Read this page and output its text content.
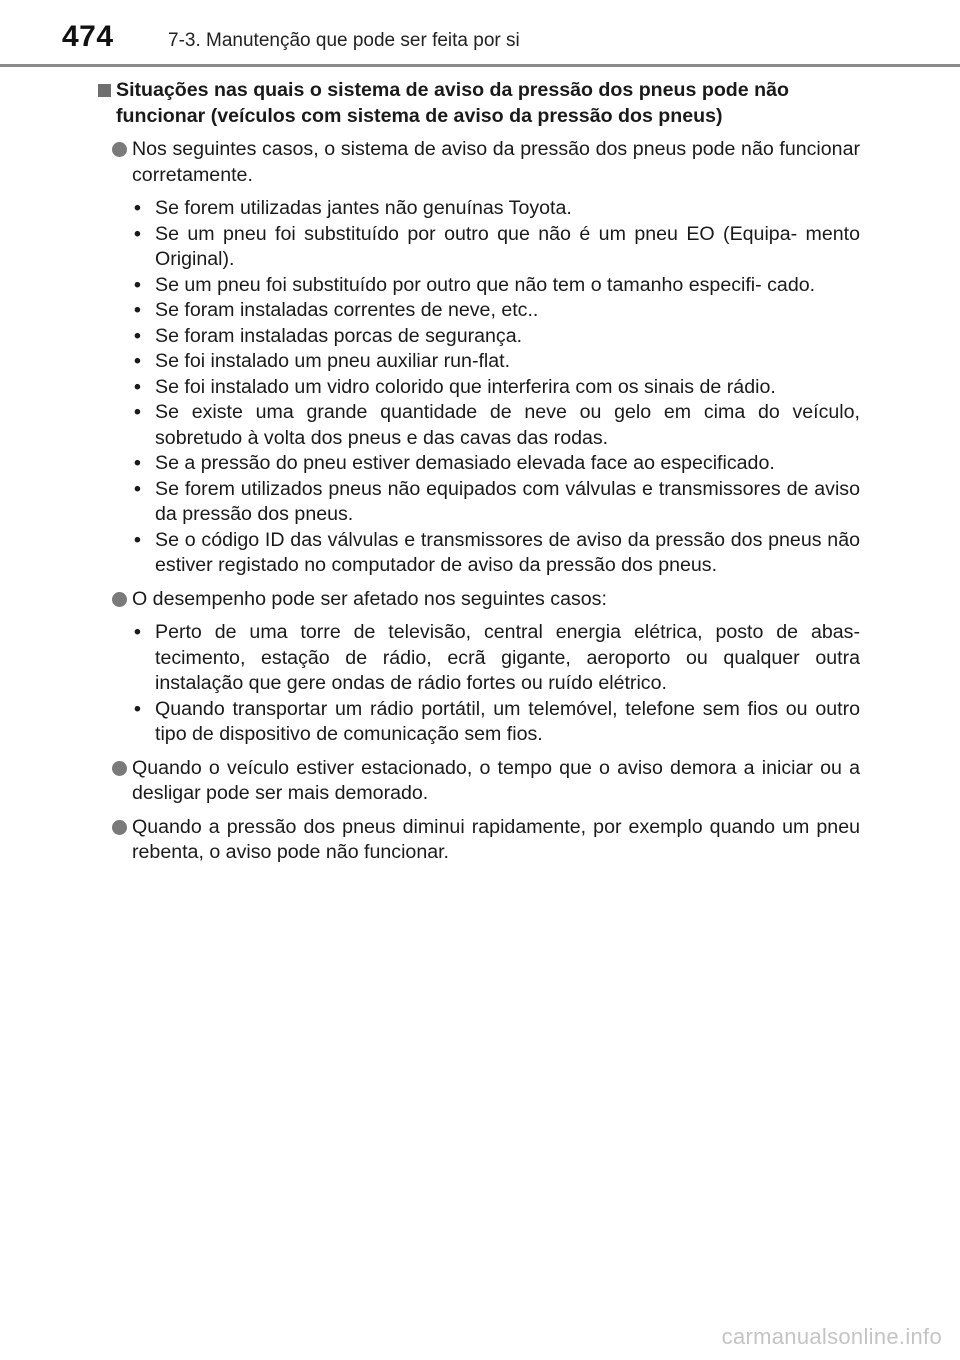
474	7-3. Manutenção que pode ser feita por si
Situações nas quais o sistema de aviso da pressão dos pneus pode não funcionar (veículos com sistema de aviso da pressão dos pneus)
Nos seguintes casos, o sistema de aviso da pressão dos pneus pode não funcionar corretamente.
• Se forem utilizadas jantes não genuínas Toyota.
• Se um pneu foi substituído por outro que não é um pneu EO (Equipa- mento Original).
• Se um pneu foi substituído por outro que não tem o tamanho especifi- cado.
• Se foram instaladas correntes de neve, etc..
• Se foram instaladas porcas de segurança.
• Se foi instalado um pneu auxiliar run-flat.
• Se foi instalado um vidro colorido que interferira com os sinais de rádio.
• Se existe uma grande quantidade de neve ou gelo em cima do veículo, sobretudo à volta dos pneus e das cavas das rodas.
• Se a pressão do pneu estiver demasiado elevada face ao especificado.
• Se forem utilizados pneus não equipados com válvulas e transmissores de aviso da pressão dos pneus.
• Se o código ID das válvulas e transmissores de aviso da pressão dos pneus não estiver registado no computador de aviso da pressão dos pneus.
O desempenho pode ser afetado nos seguintes casos:
• Perto de uma torre de televisão, central energia elétrica, posto de abas- tecimento, estação de rádio, ecrã gigante, aeroporto ou qualquer outra instalação que gere ondas de rádio fortes ou ruído elétrico.
• Quando transportar um rádio portátil, um telemóvel, telefone sem fios ou outro tipo de dispositivo de comunicação sem fios.
Quando o veículo estiver estacionado, o tempo que o aviso demora a iniciar ou a desligar pode ser mais demorado.
Quando a pressão dos pneus diminui rapidamente, por exemplo quando um pneu rebenta, o aviso pode não funcionar.
carmanualsonline.info
